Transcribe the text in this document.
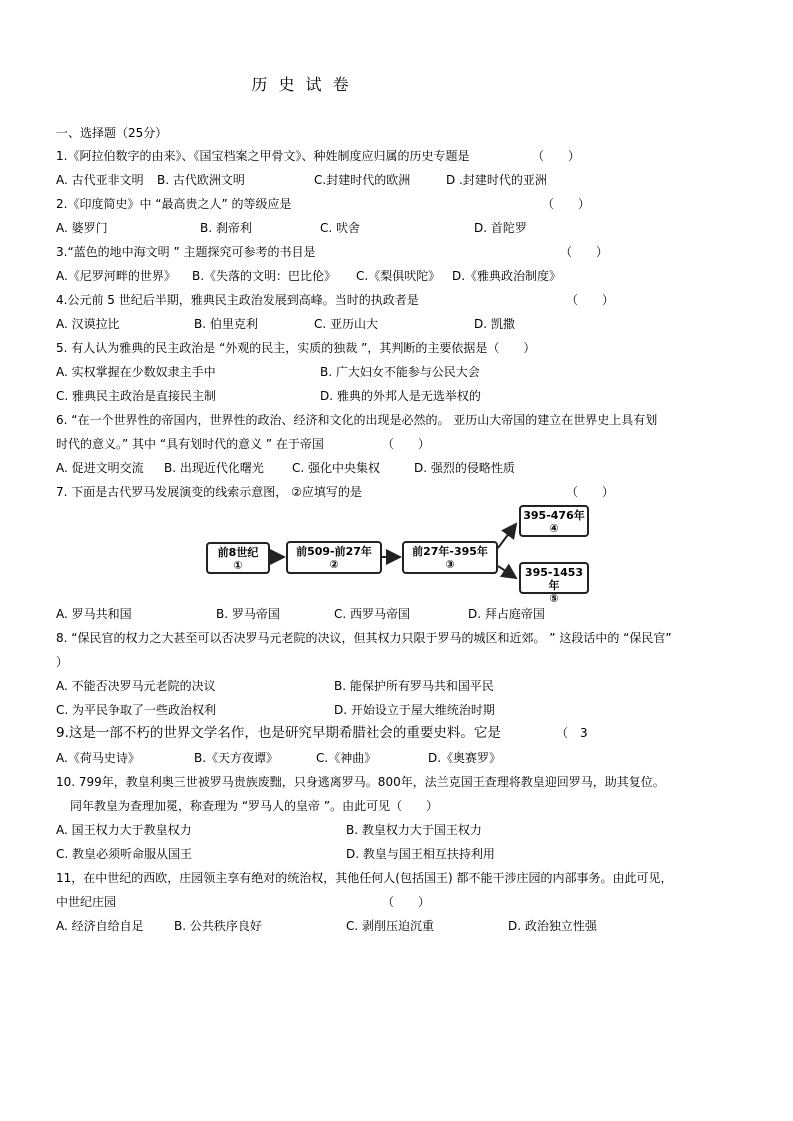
历 史 试 卷
一、选择题（25分）
1.《阿拉伯数字的由来》、《国宝档案之甲骨文》、种姓制度应归属的历史专题是	（　　）
A. 古代亚非文明 B. 古代欧洲文明	C.封建时代的欧洲	D .封建时代的亚洲
2.《印度简史》中 “最高贵之人” 的等级应是	（　　）
A. 婆罗门	B. 刹帝利	C. 吠舍	D. 首陀罗
3.“蓝色的地中海文明 ” 主题探究可参考的书目是	（　　）
A.《尼罗河畔的世界》 B.《失落的文明：巴比伦》 C.《梨俱吠陀》 D.《雅典政治制度》
4.公元前 5 世纪后半期，雅典民主政治发展到高峰。当时的执政者是	（　　）
A. 汉谟拉比	B. 伯里克利	C. 亚历山大	D. 凯撒
5. 有人认为雅典的民主政治是 “外观的民主，实质的独裁 ”，其判断的主要依据是（　　）
A. 实权掌握在少数奴隶主手中	B. 广大妇女不能参与公民大会
C. 雅典民主政治是直接民主制	D. 雅典的外邦人是无选举权的
6. “在一个世界性的帝国内，世界性的政治、经济和文化的出现是必然的。 亚历山大帝国的建立在世界史上具有划
时代的意义。” 其中 “具有划时代的意义 ” 在于帝国	（　　）
A. 促进文明交流 B. 出现近代化曙光 C. 强化中央集权	D. 强烈的侵略性质
7. 下面是古代罗马发展演变的线索示意图， ②应填写的是	（　　）
前8世纪
①
前509-前27年
②
前27年-395年
③
395-476年
④
395-1453年
⑤
A. 罗马共和国	B. 罗马帝国	C. 西罗马帝国	D. 拜占庭帝国
8. “保民官的权力之大甚至可以否决罗马元老院的决议，但其权力只限于罗马的城区和近郊。 ” 这段话中的 “保民官”
）
A. 不能否决罗马元老院的决议	B. 能保护所有罗马共和国平民
C. 为平民争取了一些政治权利	D. 开始设立于屋大维统治时期
9.这是一部不朽的世界文学名作，也是研究早期希腊社会的重要史料。它是	（　3
A.《荷马史诗》	B.《天方夜谭》	C.《神曲》	D.《奥赛罗》
10. 799年，教皇利奥三世被罗马贵族废黜，只身逃离罗马。800年，法兰克国王查理将教皇迎回罗马，助其复位。
同年教皇为查理加冕，称查理为 “罗马人的皇帝 ”。由此可见（　　）
A. 国王权力大于教皇权力	B. 教皇权力大于国王权力
C. 教皇必须听命服从国王	D. 教皇与国王相互扶持利用
11，在中世纪的西欧，庄园领主享有绝对的统治权，其他任何人(包括国王) 都不能干涉庄园的内部事务。由此可见，
中世纪庄园	（　　）
A. 经济自给自足	B. 公共秩序良好	C. 剥削压迫沉重	D. 政治独立性强
